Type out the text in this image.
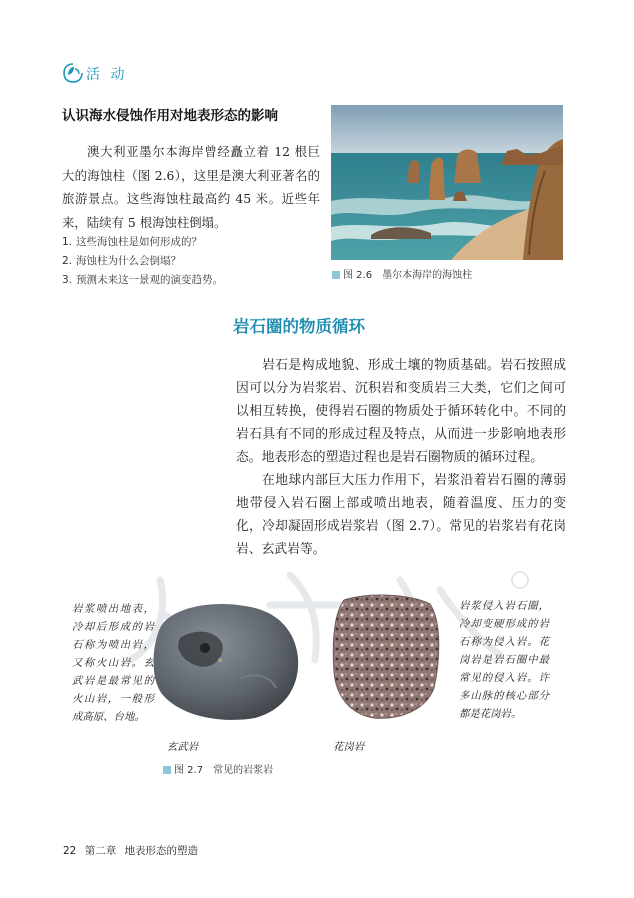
活 动
认识海水侵蚀作用对地表形态的影响
澳大利亚墨尔本海岸曾经矗立着 12 根巨大的海蚀柱（图 2.6），这里是澳大利亚著名的旅游景点。这些海蚀柱最高约 45 米。近些年来，陆续有 5 根海蚀柱倒塌。
1. 这些海蚀柱是如何形成的？
2. 海蚀柱为什么会倒塌？
3. 预测未来这一景观的演变趋势。	图 2.6　墨尔本海岸的海蚀柱
岩石圈的物质循环
岩石是构成地貌、形成土壤的物质基础。岩石按照成因可以分为岩浆岩、沉积岩和变质岩三大类，它们之间可以相互转换，使得岩石圈的物质处于循环转化中。不同的岩石具有不同的形成过程及特点，从而进一步影响地表形态。地表形态的塑造过程也是岩石圈物质的循环过程。
在地球内部巨大压力作用下，岩浆沿着岩石圈的薄弱地带侵入岩石圈上部或喷出地表，随着温度、压力的变化，冷却凝固形成岩浆岩（图 2.7）。常见的岩浆岩有花岗岩、玄武岩等。
岩浆喷出地表，冷却后形成的岩石称为喷出岩，又称火山岩。玄武岩是最常见的火山岩，一般形成高原、台地。
岩浆侵入岩石圈，冷却变硬形成的岩石称为侵入岩。花岗岩是岩石圈中最常见的侵入岩。许多山脉的核心部分都是花岗岩。
玄武岩	花岗岩
图 2.7　常见的岩浆岩
22 第二章 地表形态的塑造
